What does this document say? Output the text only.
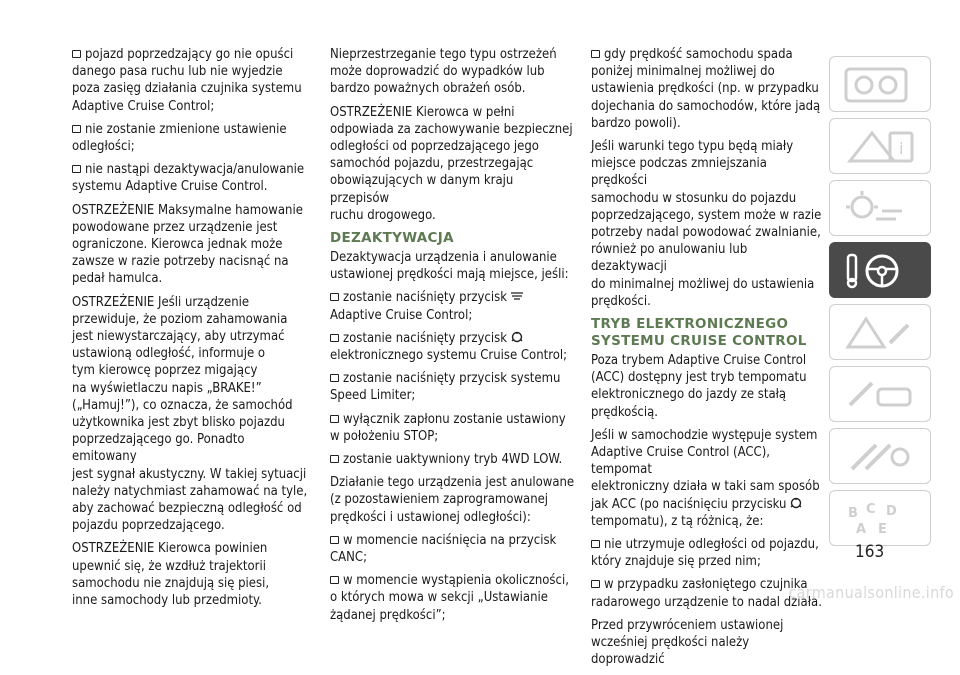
pojazd poprzedzający go nie opuści
danego pasa ruchu lub nie wyjedzie
poza zasięg działania czujnika systemu
Adaptive Cruise Control;

nie zostanie zmienione ustawienie
odległości;

nie nastąpi dezaktywacja/anulowanie
systemu Adaptive Cruise Control.

OSTRZEŻENIE Maksymalne hamowanie
powodowane przez urządzenie jest
ograniczone. Kierowca jednak może
zawsze w razie potrzeby nacisnąć na
pedał hamulca.

OSTRZEŻENIE Jeśli urządzenie
przewiduje, że poziom zahamowania
jest niewystarczający, aby utrzymać
ustawioną odległość, informuje o
tym kierowcę poprzez migający
na wyświetlaczu napis „BRAKE!”
(„Hamuj!”), co oznacza, że samochód
użytkownika jest zbyt blisko pojazdu
poprzedzającego go. Ponadto emitowany
jest sygnał akustyczny. W takiej sytuacji
należy natychmiast zahamować na tyle,
aby zachować bezpieczną odległość od
pojazdu poprzedzającego.

OSTRZEŻENIE Kierowca powinien
upewnić się, że wzdłuż trajektorii
samochodu nie znajdują się piesi,
inne samochody lub przedmioty.

Nieprzestrzeganie tego typu ostrzeżeń
może doprowadzić do wypadków lub
bardzo poważnych obrażeń osób.

OSTRZEŻENIE Kierowca w pełni
odpowiada za zachowywanie bezpiecznej
odległości od poprzedzającego jego
samochód pojazdu, przestrzegając
obowiązujących w danym kraju przepisów
ruchu drogowego.

DEZAKTYWACJA

Dezaktywacja urządzenia i anulowanie
ustawionej prędkości mają miejsce, jeśli:

zostanie naciśnięty przycisk
Adaptive Cruise Control;

zostanie naciśnięty przycisk
elektronicznego systemu Cruise Control;

zostanie naciśnięty przycisk systemu
Speed Limiter;

wyłącznik zapłonu zostanie ustawiony
w położeniu STOP;

zostanie uaktywniony tryb 4WD LOW.

Działanie tego urządzenia jest anulowane
(z pozostawieniem zaprogramowanej
prędkości i ustawionej odległości):

w momencie naciśnięcia na przycisk
CANC;

w momencie wystąpienia okoliczności,
o których mowa w sekcji „Ustawianie
żądanej prędkości”;

gdy prędkość samochodu spada
poniżej minimalnej możliwej do
ustawienia prędkości (np. w przypadku
dojechania do samochodów, które jadą
bardzo powoli).

Jeśli warunki tego typu będą miały
miejsce podczas zmniejszania prędkości
samochodu w stosunku do pojazdu
poprzedzającego, system może w razie
potrzeby nadal powodować zwalnianie,
również po anulowaniu lub dezaktywacji
do minimalnej możliwej do ustawienia
prędkości.

TRYB ELEKTRONICZNEGO SYSTEMU CRUISE CONTROL

Poza trybem Adaptive Cruise Control
(ACC) dostępny jest tryb tempomatu
elektronicznego do jazdy ze stałą
prędkością.

Jeśli w samochodzie występuje system
Adaptive Cruise Control (ACC), tempomat
elektroniczny działa w taki sam sposób
jak ACC (po naciśnięciu przycisku
tempomatu), z tą różnicą, że:

nie utrzymuje odległości od pojazdu,
który znajduje się przed nim;

w przypadku zasłoniętego czujnika
radarowego urządzenie to nadal działa.

Przed przywróceniem ustawionej
wcześniej prędkości należy doprowadzić

i
B C D
A E
163
carmanualsonline.info
